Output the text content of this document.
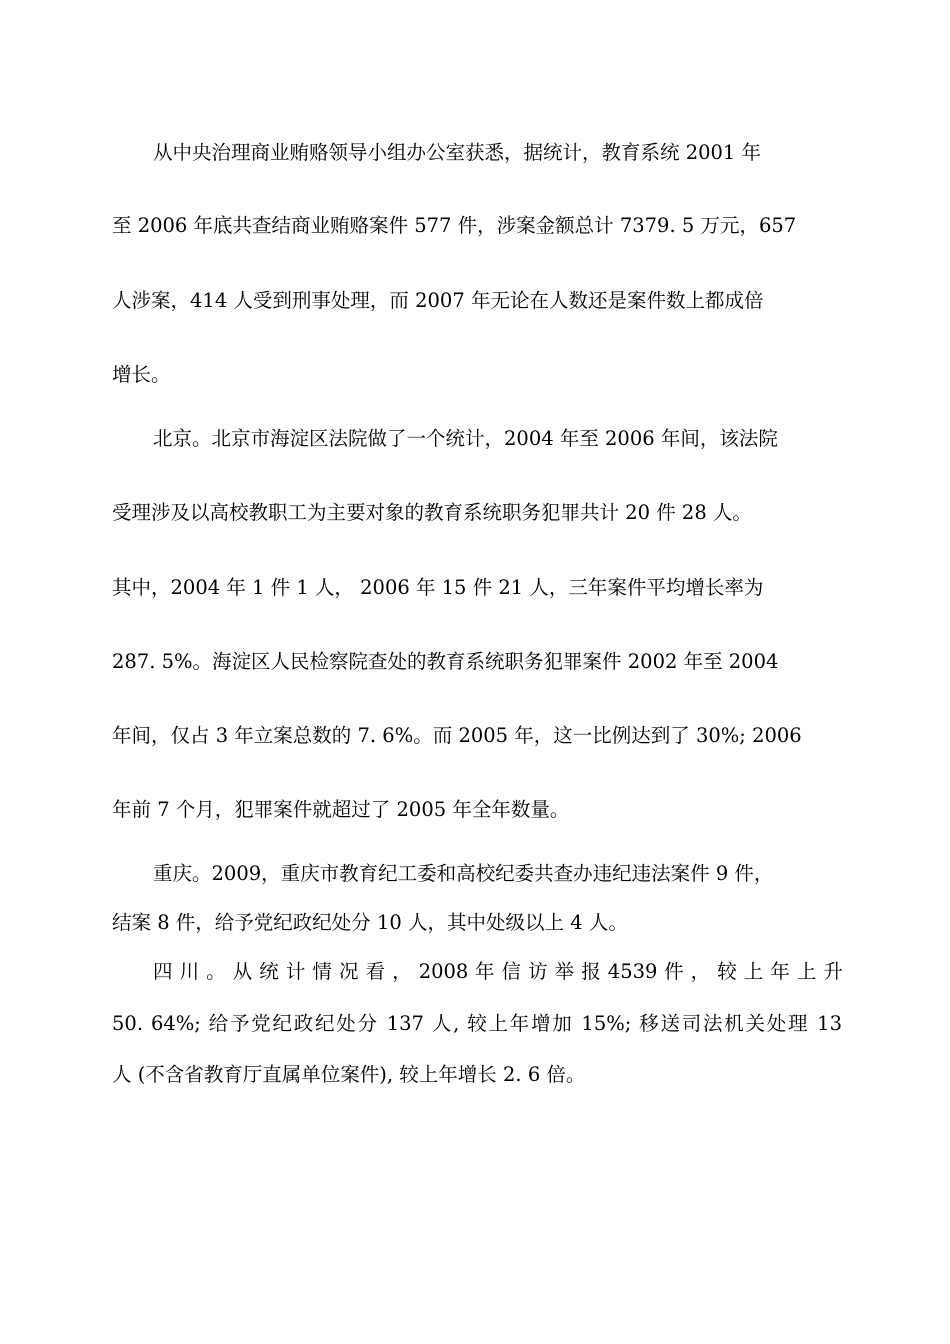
从中央治理商业贿赂领导小组办公室获悉，据统计，教育系统 2001 年
至 2006 年底共查结商业贿赂案件 577 件，涉案金额总计 7379. 5 万元，657
人涉案，414 人受到刑事处理，而 2007 年无论在人数还是案件数上都成倍
增长。
北京。北京市海淀区法院做了一个统计，2004 年至 2006 年间，该法院
受理涉及以高校教职工为主要对象的教育系统职务犯罪共计 20 件 28 人。
其中，2004 年 1 件 1 人， 2006 年 15 件 21 人，三年案件平均增长率为
287. 5%。海淀区人民检察院查处的教育系统职务犯罪案件 2002 年至 2004
年间，仅占 3 年立案总数的 7. 6%。而 2005 年，这一比例达到了 30%; 2006
年前 7 个月，犯罪案件就超过了 2005 年全年数量。
重庆。2009，重庆市教育纪工委和高校纪委共查办违纪违法案件 9 件，
结案 8 件，给予党纪政纪处分 10 人，其中处级以上 4 人。
四 川 。 从 统 计 情 况 看 ， 2008 年 信 访 举 报 4539 件 ， 较 上 年 上 升
50. 64%; 给予党纪政纪处分 137 人, 较上年增加 15%; 移送司法机关处理 13
人 (不含省教育厅直属单位案件), 较上年增长 2. 6 倍。
